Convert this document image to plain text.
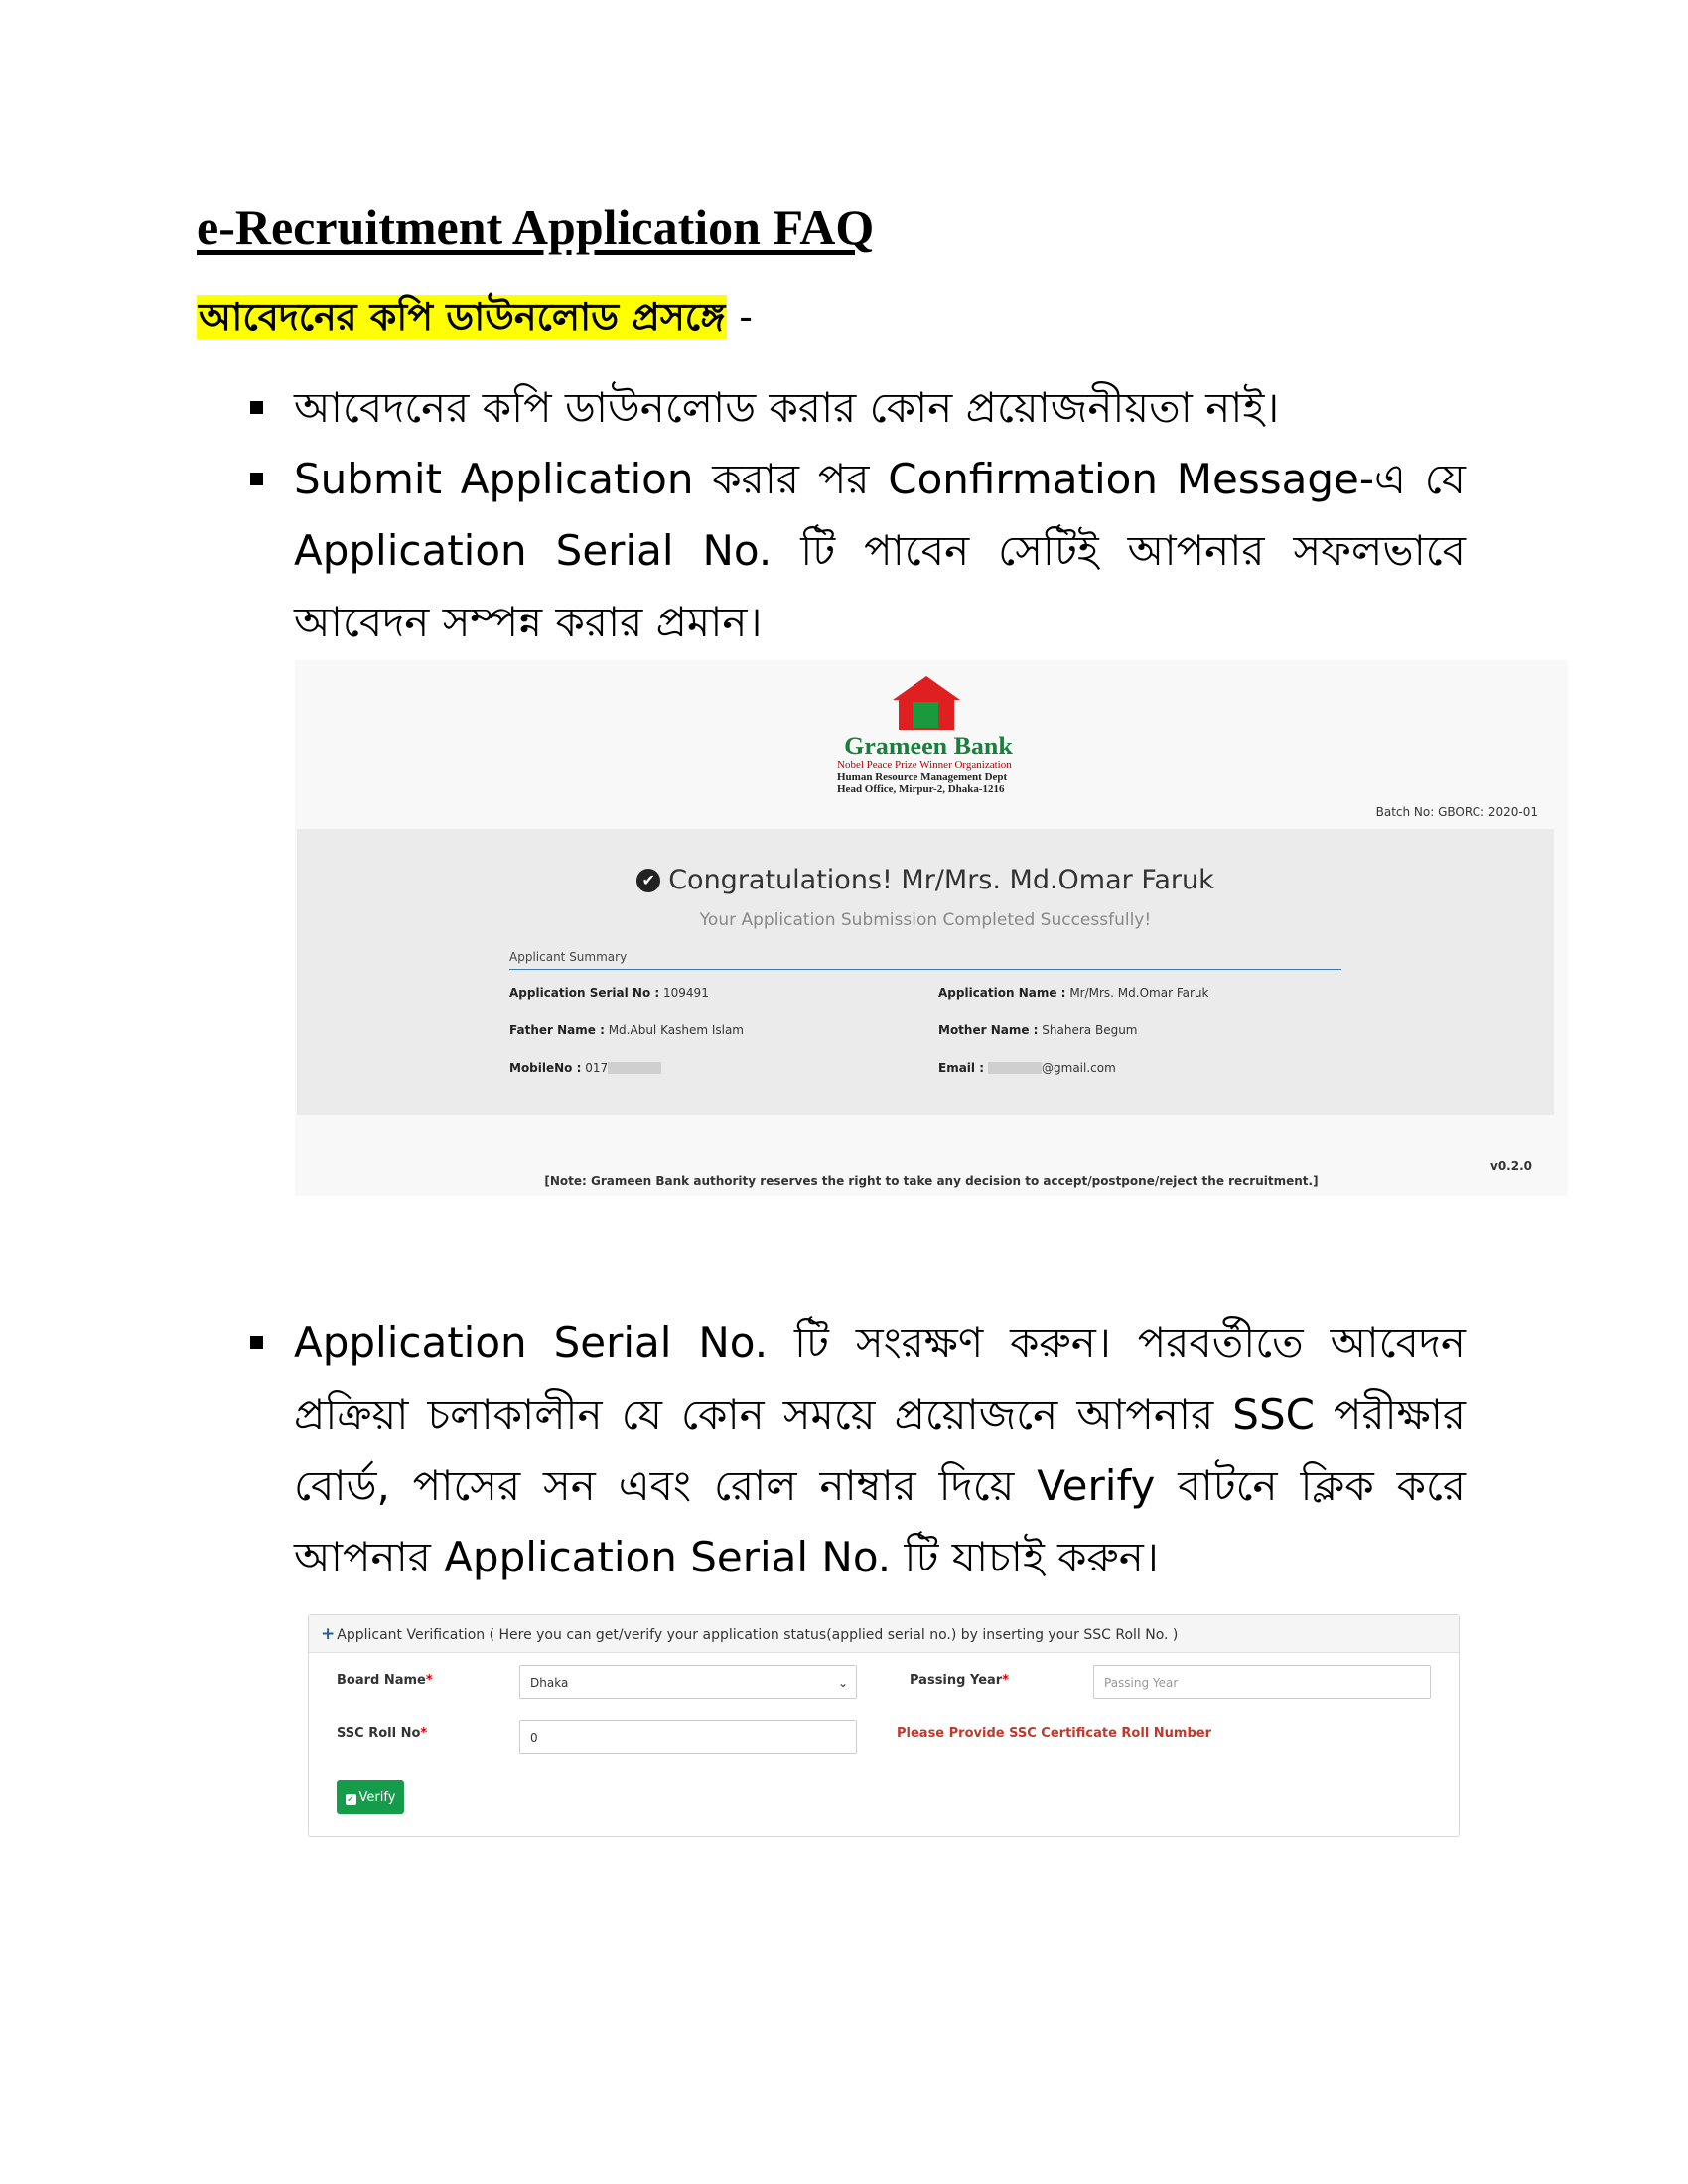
e-Recruitment Application FAQ
আবেদনের কপি ডাউনলোড প্রসঙ্গে -
আবেদনের কপি ডাউনলোড করার কোন প্রয়োজনীয়তা নাই।
Submit Application করার পর Confirmation Message-এ যে Application Serial No. টি পাবেন সেটিই আপনার সফলভাবে আবেদন সম্পন্ন করার প্রমান।
Grameen Bank
Nobel Peace Prize Winner Organization
Human Resource Management Dept
Head Office, Mirpur-2, Dhaka-1216
Batch No: GBORC: 2020-01
✔ Congratulations! Mr/Mrs. Md.Omar Faruk
Your Application Submission Completed Successfully!
Applicant Summary
Application Serial No : 109491	Application Name : Mr/Mrs. Md.Omar Faruk
Father Name : Md.Abul Kashem Islam	Mother Name : Shahera Begum
MobileNo : 017	Email :	@gmail.com
v0.2.0
[Note: Grameen Bank authority reserves the right to take any decision to accept/postpone/reject the recruitment.]
Application Serial No. টি সংরক্ষণ করুন। পরবর্তীতে আবেদন প্রক্রিয়া চলাকালীন যে কোন সময়ে প্রয়োজনে আপনার SSC পরীক্ষার বোর্ড, পাসের সন এবং রোল নাম্বার দিয়ে Verify বাটনে ক্লিক করে আপনার Application Serial No. টি যাচাই করুন।
+ Applicant Verification ( Here you can get/verify your application status(applied serial no.) by inserting your SSC Roll No. )
Board Name*	Dhaka	⌄	Passing Year*	Passing Year
SSC Roll No*	0	Please Provide SSC Certificate Roll Number
✓ Verify
